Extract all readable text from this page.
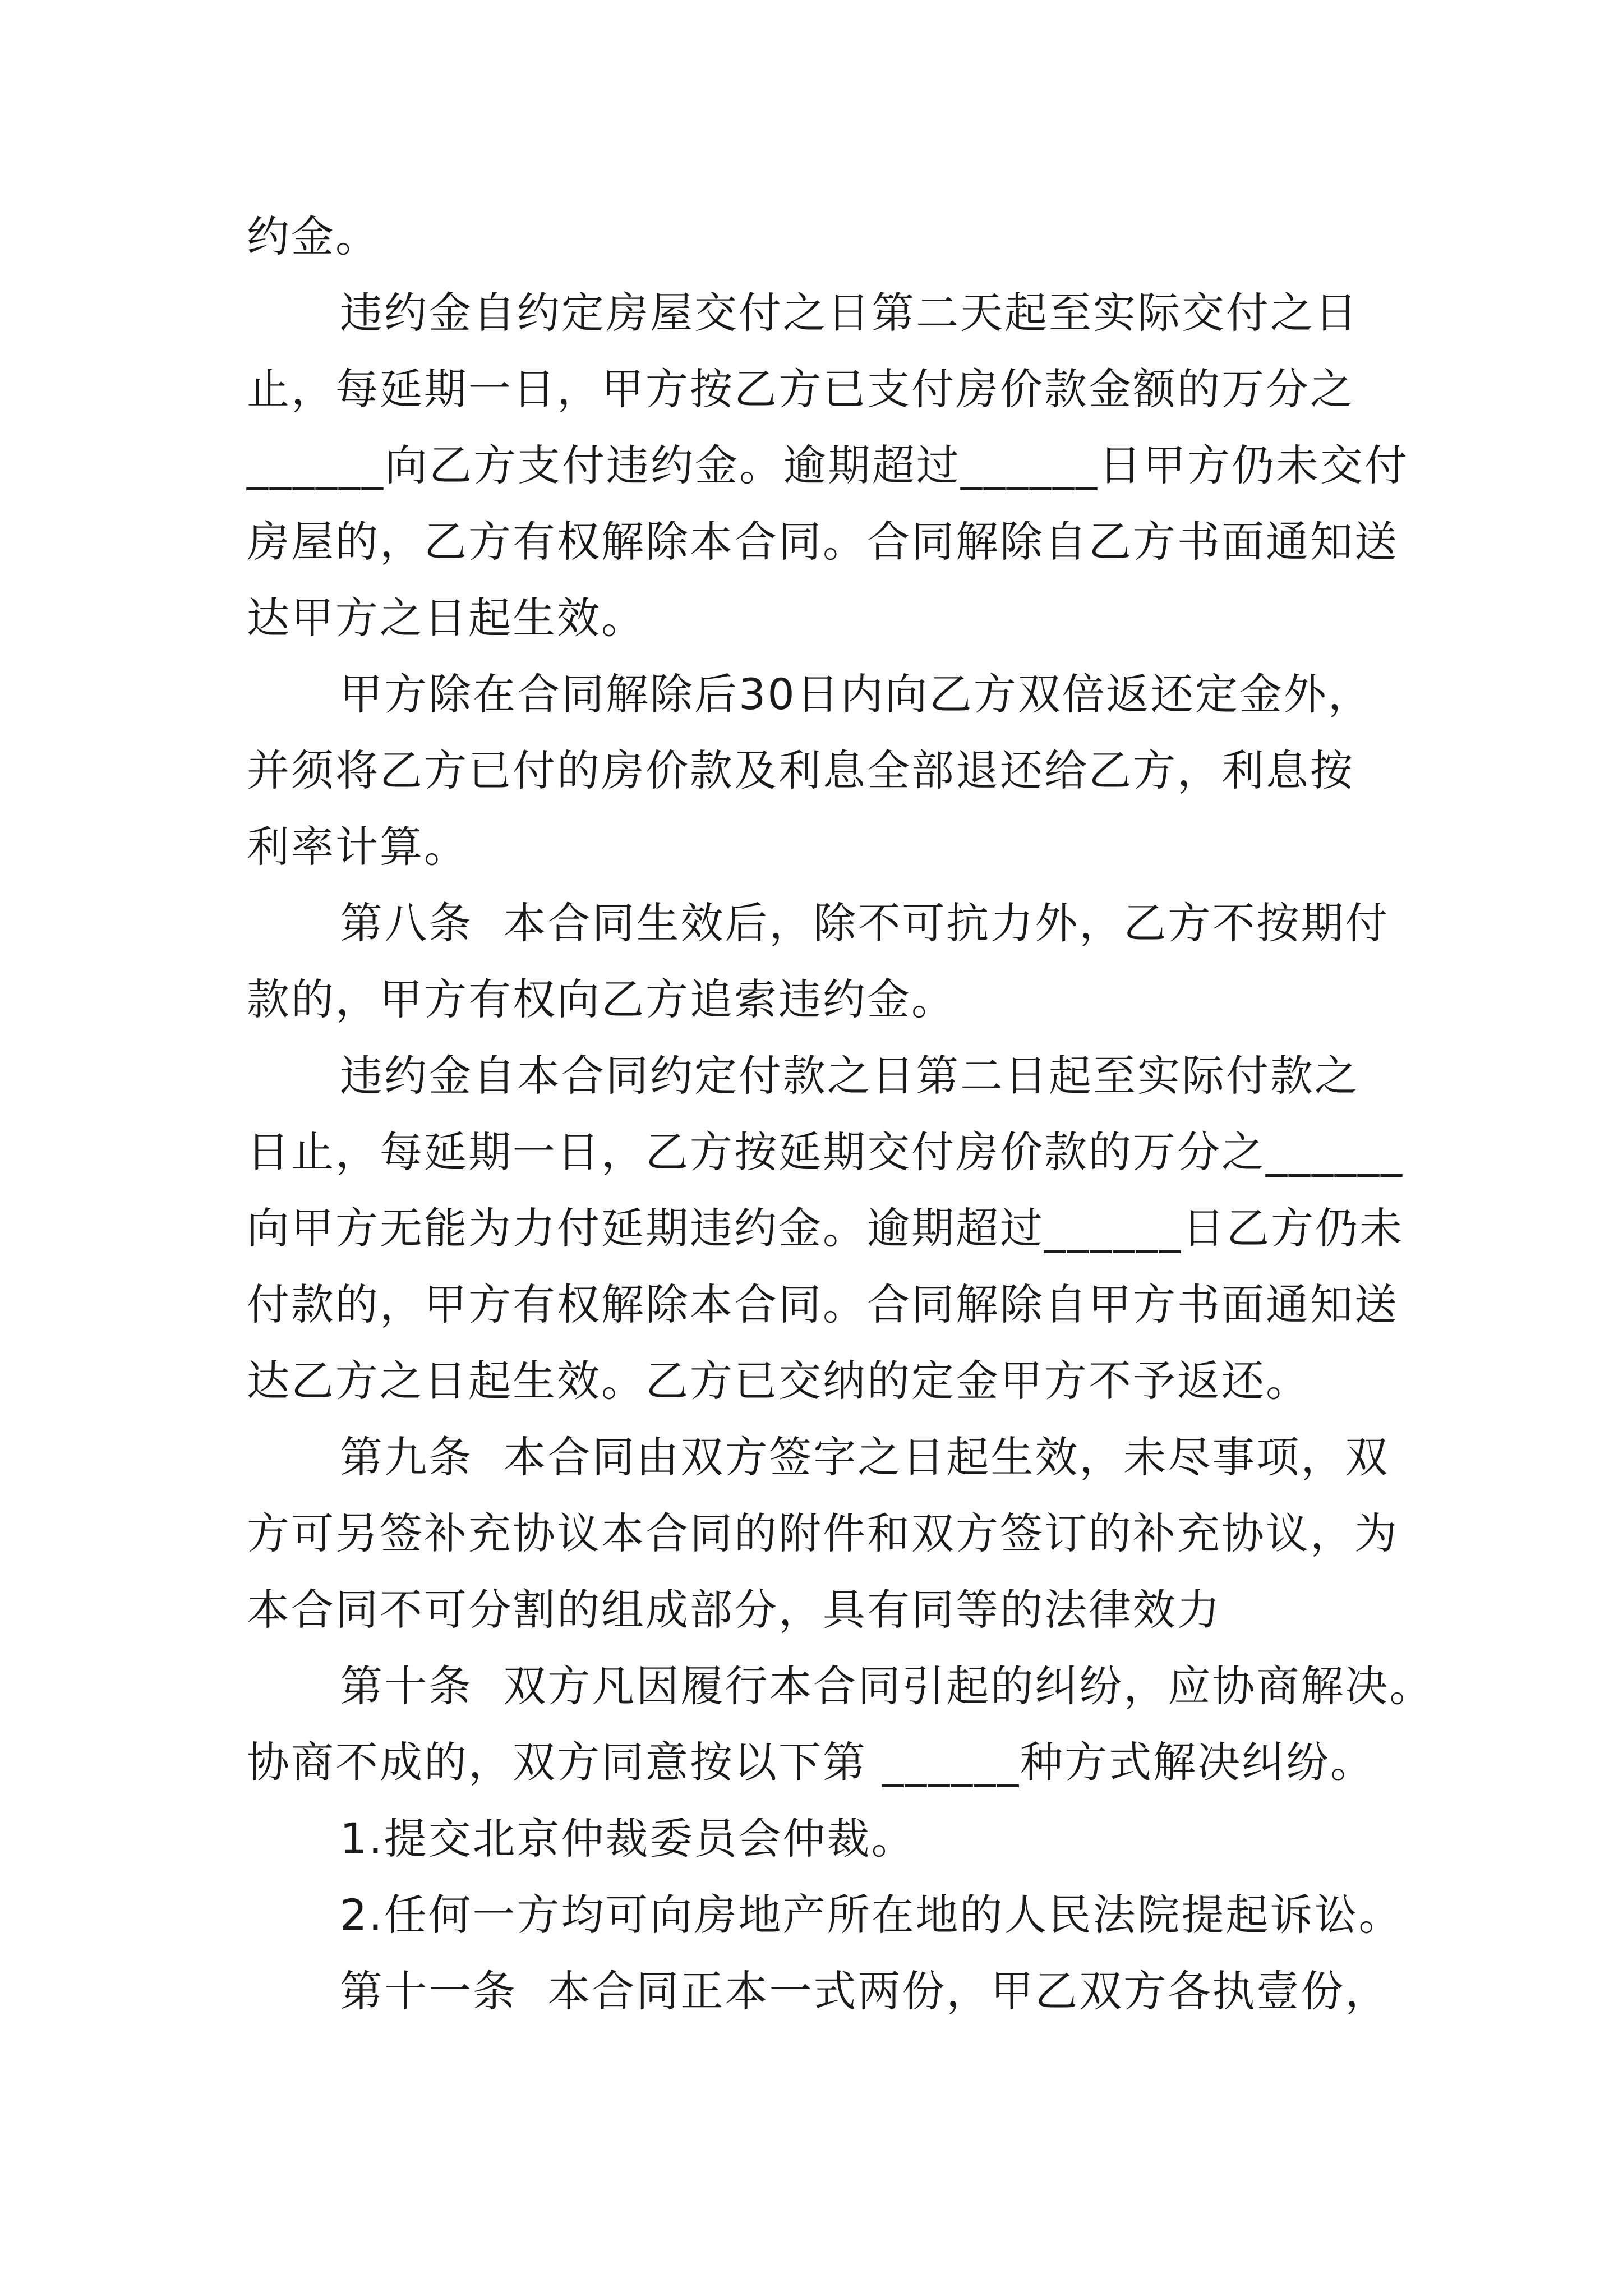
约金。
违约金自约定房屋交付之日第二天起至实际交付之日
止，每延期一日，甲方按乙方已支付房价款金额的万分之
______向乙方支付违约金。逾期超过______日甲方仍未交付
房屋的，乙方有权解除本合同。合同解除自乙方书面通知送
达甲方之日起生效。
甲方除在合同解除后30日内向乙方双倍返还定金外，
并须将乙方已付的房价款及利息全部退还给乙方，利息按
利率计算。
第八条  本合同生效后，除不可抗力外，乙方不按期付
款的，甲方有权向乙方追索违约金。
违约金自本合同约定付款之日第二日起至实际付款之
日止，每延期一日，乙方按延期交付房价款的万分之______
向甲方无能为力付延期违约金。逾期超过______日乙方仍未
付款的，甲方有权解除本合同。合同解除自甲方书面通知送
达乙方之日起生效。乙方已交纳的定金甲方不予返还。
第九条  本合同由双方签字之日起生效，未尽事项，双
方可另签补充协议本合同的附件和双方签订的补充协议，为
本合同不可分割的组成部分，具有同等的法律效力
第十条  双方凡因履行本合同引起的纠纷，应协商解决。
协商不成的，双方同意按以下第 ______种方式解决纠纷。
1.提交北京仲裁委员会仲裁。
2.任何一方均可向房地产所在地的人民法院提起诉讼。
第十一条  本合同正本一式两份，甲乙双方各执壹份，
